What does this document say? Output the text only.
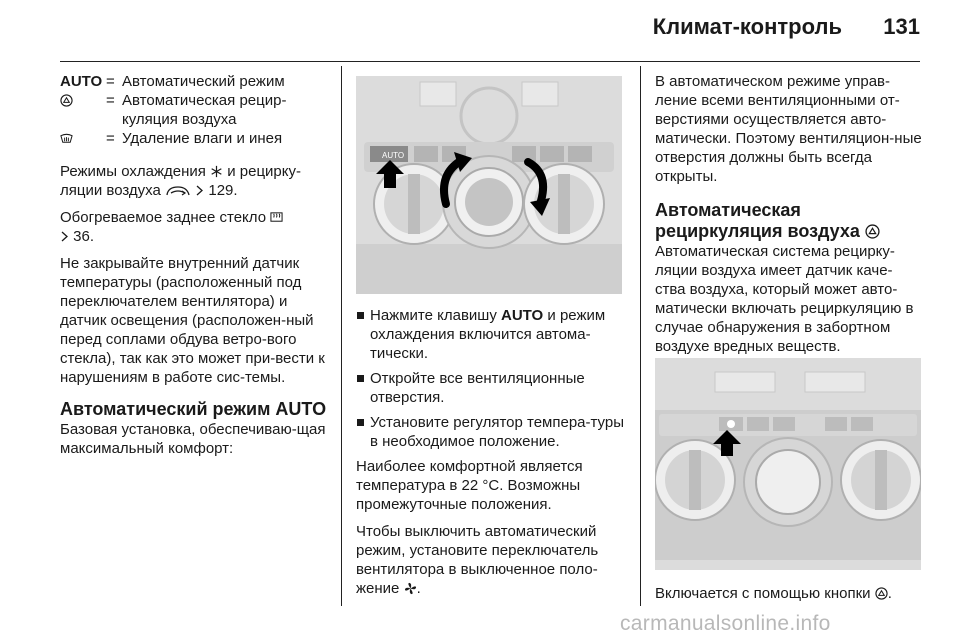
Климат-контроль 131
AUTO = Автоматический режим
= Автоматическая рецир-куляция воздуха
= Удаление влаги и инея

Режимы охлаждения и рецирку-ляции воздуха	129.

Обогреваемое заднее стекло
36.

Не закрывайте внутренний датчик температуры (расположенный под переключателем вентилятора) и датчик освещения (расположен-ный перед соплами обдува ветро-вого стекла), так как это может при-вести к нарушениям в работе сис-темы.

Автоматический режим AUTO

Базовая установка, обеспечиваю-щая максимальный комфорт:

AUTO
Нажмите клавишу AUTO и режим охлаждения включится автома-тически.
Откройте все вентиляционные отверстия.
Установите регулятор темпера-туры в необходимое положение.

Наиболее комфортной является температура в 22 °C. Возможны промежуточные положения.

Чтобы выключить автоматический режим, установите переключатель вентилятора в выключенное поло-жение .

В автоматическом режиме управ-ление всеми вентиляционными от-верстиями осуществляется авто-матически. Поэтому вентиляцион-ные отверстия должны быть всегда открыты.

Автоматическая
рециркуляция воздуха

Автоматическая система рецирку-ляции воздуха имеет датчик каче-ства воздуха, который может авто-матически включать рециркуляцию в случае обнаружения в забортном воздухе вредных веществ.

Включается с помощью кнопки .

carmanualsonline.info
